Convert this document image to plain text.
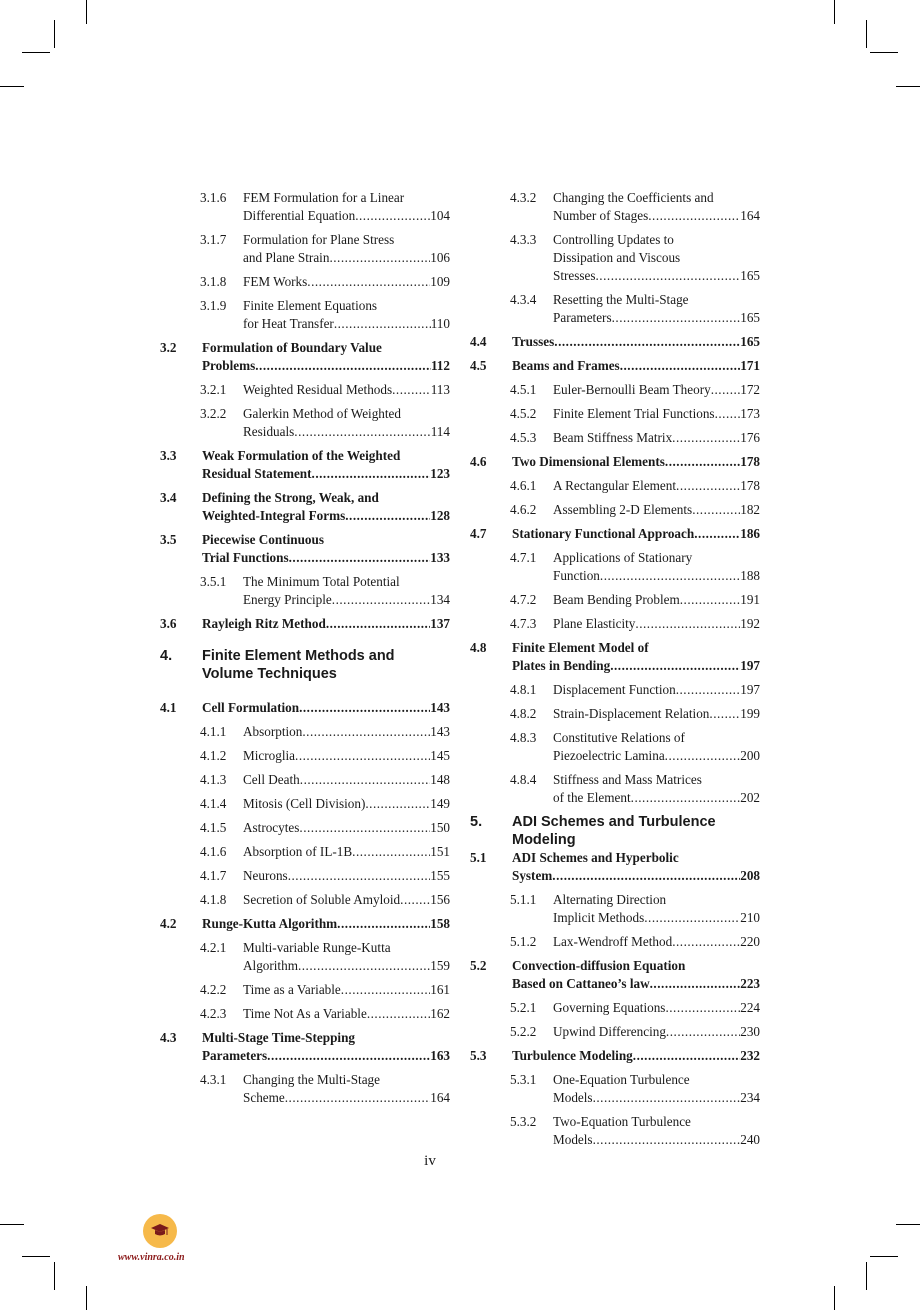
3.1.6 FEM Formulation for a Linear
Differential Equation .....	104
3.1.7 Formulation for Plane Stress
and Plane Strain .....	106
3.1.8 FEM Works .....	109
3.1.9 Finite Element Equations
for Heat Transfer .....	110
3.2 Formulation of Boundary Value
Problems .....	112
3.2.1 Weighted Residual Methods .....	113
3.2.2 Galerkin Method of Weighted
Residuals .....	114
3.3 Weak Formulation of the Weighted
Residual Statement .....	123
3.4 Defining the Strong, Weak, and
Weighted-Integral Forms .....	128
3.5 Piecewise Continuous
Trial Functions .....	133
3.5.1 The Minimum Total Potential
Energy Principle .....	134
3.6 Rayleigh Ritz Method .....	137
4. Finite Element Methods and
Volume Techniques
4.1 Cell Formulation .....	143
4.1.1 Absorption .....	143
4.1.2 Microglia .....	145
4.1.3 Cell Death .....	148
4.1.4 Mitosis (Cell Division) .....	149
4.1.5 Astrocytes .....	150
4.1.6 Absorption of IL-1B .....	151
4.1.7 Neurons .....	155
4.1.8 Secretion of Soluble Amyloid ..... 156
4.2 Runge-Kutta Algorithm .....	158
4.2.1 Multi-variable Runge-Kutta
Algorithm .....	159
4.2.2 Time as a Variable .....	161
4.2.3 Time Not As a Variable .....	162
4.3 Multi-Stage Time-Stepping
Parameters .....	163
4.3.1 Changing the Multi-Stage
Scheme .....	164
4.3.2 Changing the Coefficients and
Number of Stages .....	164
4.3.3 Controlling Updates to
Dissipation and Viscous
Stresses .....	165
4.3.4 Resetting the Multi-Stage
Parameters .....	165
4.4 Trusses .....	165
4.5 Beams and Frames .....	171
4.5.1 Euler-Bernoulli Beam Theory ..... 172
4.5.2 Finite Element Trial Functions ..... 173
4.5.3 Beam Stiffness Matrix .....	176
4.6 Two Dimensional Elements .....	178
4.6.1 A Rectangular Element .....	178
4.6.2 Assembling 2-D Elements .....	182
4.7 Stationary Functional Approach .....	186
4.7.1 Applications of Stationary
Function .....	188
4.7.2 Beam Bending Problem .....	191
4.7.3 Plane Elasticity .....	192
4.8 Finite Element Model of
Plates in Bending .....	197
4.8.1 Displacement Function .....	197
4.8.2 Strain-Displacement Relation ..... 199
4.8.3 Constitutive Relations of
Piezoelectric Lamina .....	200
4.8.4 Stiffness and Mass Matrices
of the Element .....	202
5. ADI Schemes and Turbulence
Modeling
5.1 ADI Schemes and Hyperbolic
System .....	208
5.1.1 Alternating Direction
Implicit Methods .....	210
5.1.2 Lax-Wendroff Method .....	220
5.2 Convection-diffusion Equation
Based on Cattaneo’s law .....	223
5.2.1 Governing Equations .....	224
5.2.2 Upwind Differencing .....	230
5.3 Turbulence Modeling .....	232
5.3.1 One-Equation Turbulence
Models .....	234
5.3.2 Two-Equation Turbulence
Models .....	240
iv
www.vinra.co.in
